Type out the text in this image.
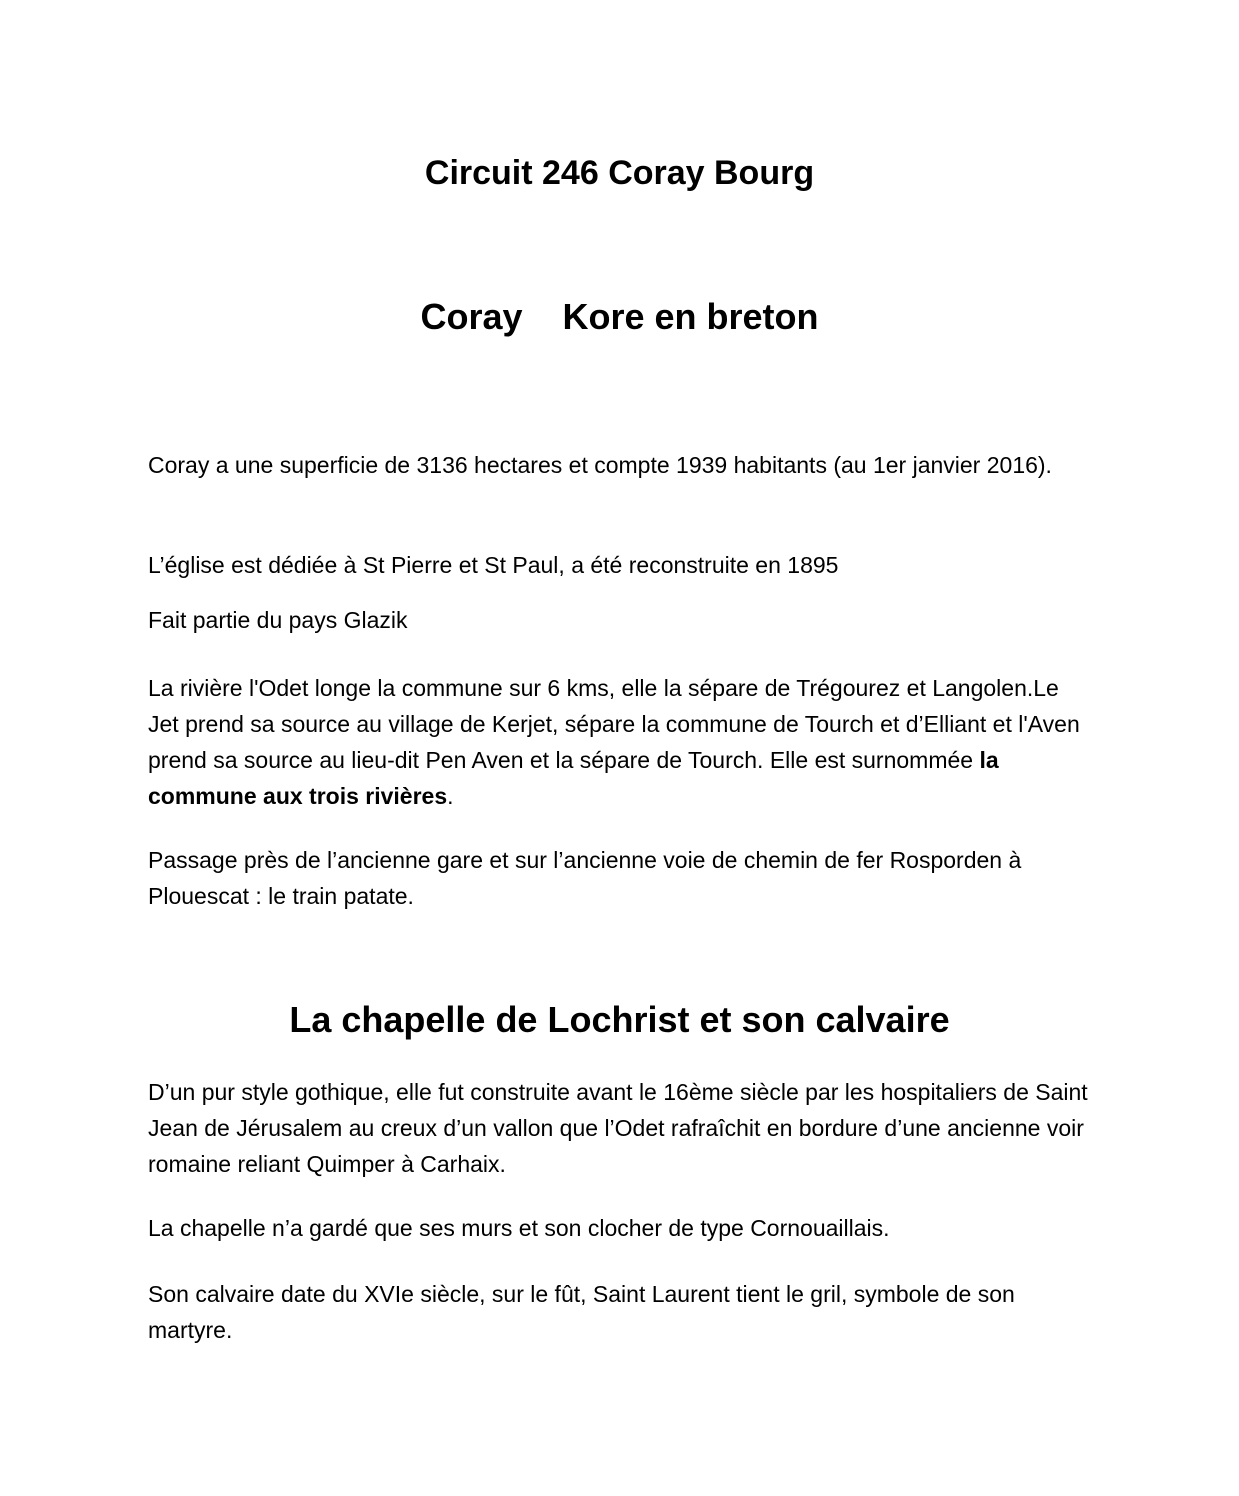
Circuit 246 Coray Bourg
Coray    Kore en breton

Coray a une superficie de 3136 hectares et compte 1939 habitants (au 1er janvier 2016).

L’église est dédiée à St Pierre et St Paul, a été reconstruite en 1895

Fait partie du pays Glazik

La rivière l'Odet longe la commune sur 6 kms, elle la sépare de Trégourez et Langolen.Le Jet prend sa source au village de Kerjet, sépare la commune de Tourch et d’Elliant et l'Aven prend sa source au lieu-dit Pen Aven et la sépare de Tourch. Elle est surnommée la commune aux trois rivières.

Passage près de l’ancienne gare et sur l’ancienne voie de chemin de fer Rosporden à Plouescat : le train patate.

La chapelle de Lochrist et son calvaire

D’un pur style gothique, elle fut construite avant le 16ème siècle par les hospitaliers de Saint Jean de Jérusalem au creux d’un vallon que l’Odet rafraîchit en bordure d’une ancienne voir romaine reliant Quimper à Carhaix.

La chapelle n’a gardé que ses murs et son clocher de type Cornouaillais.

Son calvaire date du XVIe siècle, sur le fût, Saint Laurent tient le gril, symbole de son martyre.
